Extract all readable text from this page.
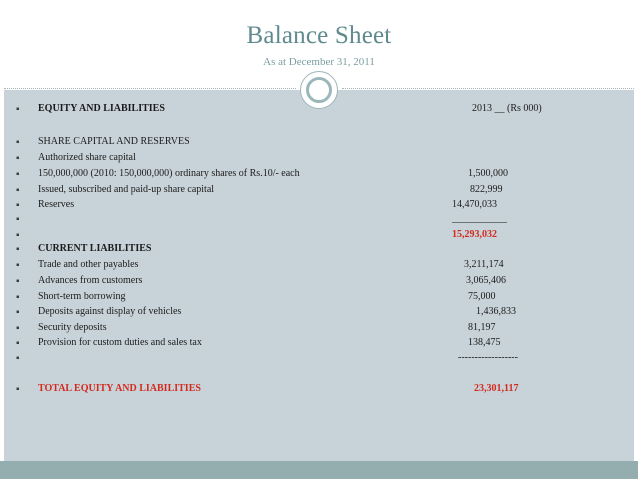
Balance Sheet
As at December 31, 2011
▪ EQUITY AND LIABILITIES	2013 __ (Rs 000)
▪ SHARE CAPITAL AND RESERVES
▪ Authorized share capital
▪ 150,000,000 (2010: 150,000,000) ordinary shares of Rs.10/- each	1,500,000
▪ Issued, subscribed and paid-up share capital	822,999
▪ Reserves	14,470,033
▪	___________
▪	15,293,032
▪ CURRENT LIABILITIES
▪ Trade and other payables	3,211,174
▪ Advances from customers	3,065,406
▪ Short-term borrowing	75,000
▪ Deposits against display of vehicles	1,436,833
▪ Security deposits	81,197
▪ Provision for custom duties and sales tax	138,475
▪	------------------
▪ TOTAL EQUITY AND LIABILITIES	23,301,117
